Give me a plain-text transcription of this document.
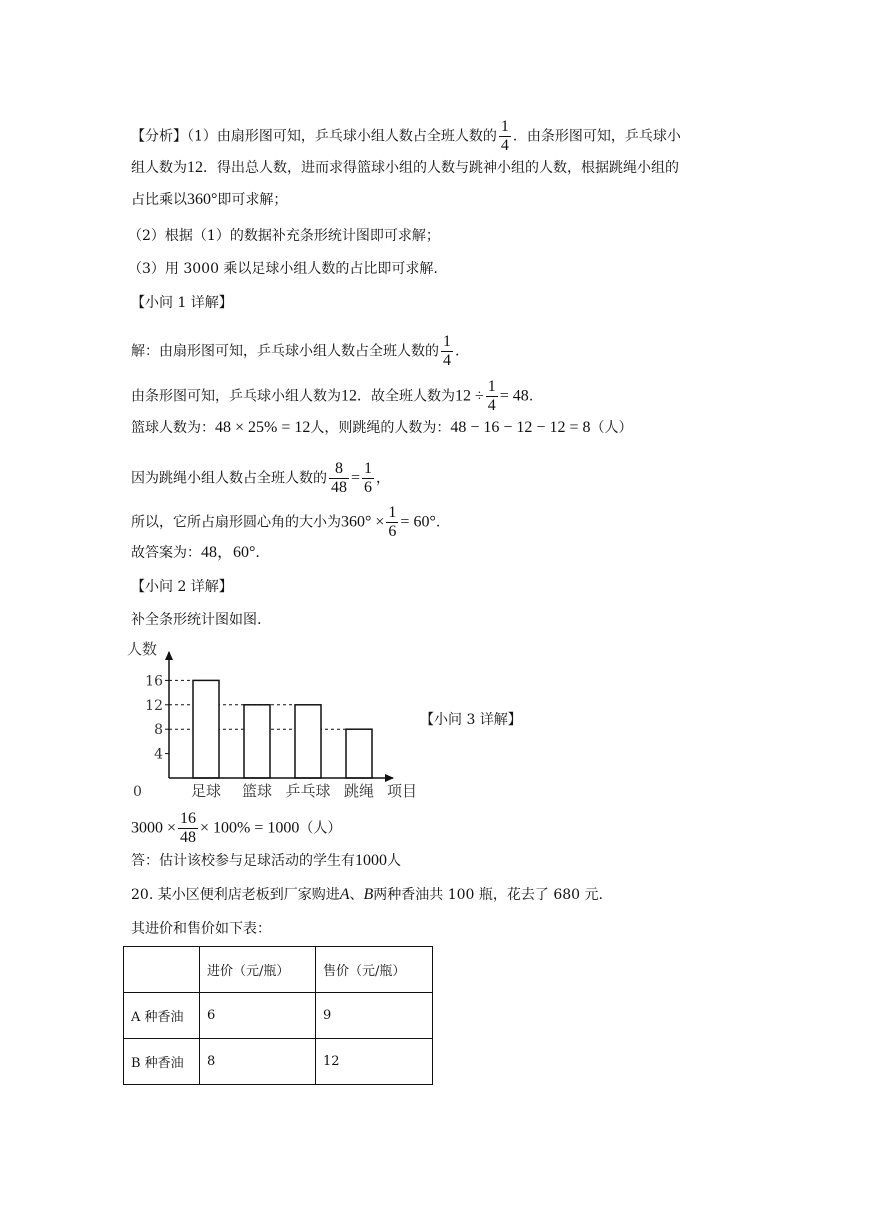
【分析】（1）由扇形图可知，乒乓球小组人数占全班人数的 $\frac{1}{4}$ ．由条形图可知，乒乓球小
组人数为12．得出总人数，进而求得篮球小组的人数与跳神小组的人数，根据跳绳小组的
占比乘以360°即可求解；
（2）根据（1）的数据补充条形统计图即可求解；
（3）用 3000 乘以足球小组人数的占比即可求解.
【小问 1 详解】
解：由扇形图可知，乒乓球小组人数占全班人数的 $\frac{1}{4}$ .
由条形图可知，乒乓球小组人数为12．故全班人数为$12 \div \frac{1}{4} = 48$.
篮球人数为：48 × 25% = 12人，则跳绳的人数为：48 − 16 − 12 − 12 = 8（人）
因为跳绳小组人数占全班人数的 $\frac{8}{48} = \frac{1}{6}$ ，
所以，它所占扇形圆心角的大小为$360^\circ \times \frac{1}{6} = 60^\circ$.
故答案为：48，60°.
【小问 2 详解】
补全条形统计图如图.
4
8
12
16
足球 篮球 乒乓球 跳绳
人数
项目
0
【小问 3 详解】
$3000 \times \frac{16}{48} \times 100\% = 1000$（人）
答：估计该校参与足球活动的学生有1000人
20. 某小区便利店老板到厂家购进A、B两种香油共 100 瓶，花去了 680 元.
其进价和售价如下表：
	进价（元/瓶）	售价（元/瓶）
A 种香油	6	9
B 种香油	8	12
